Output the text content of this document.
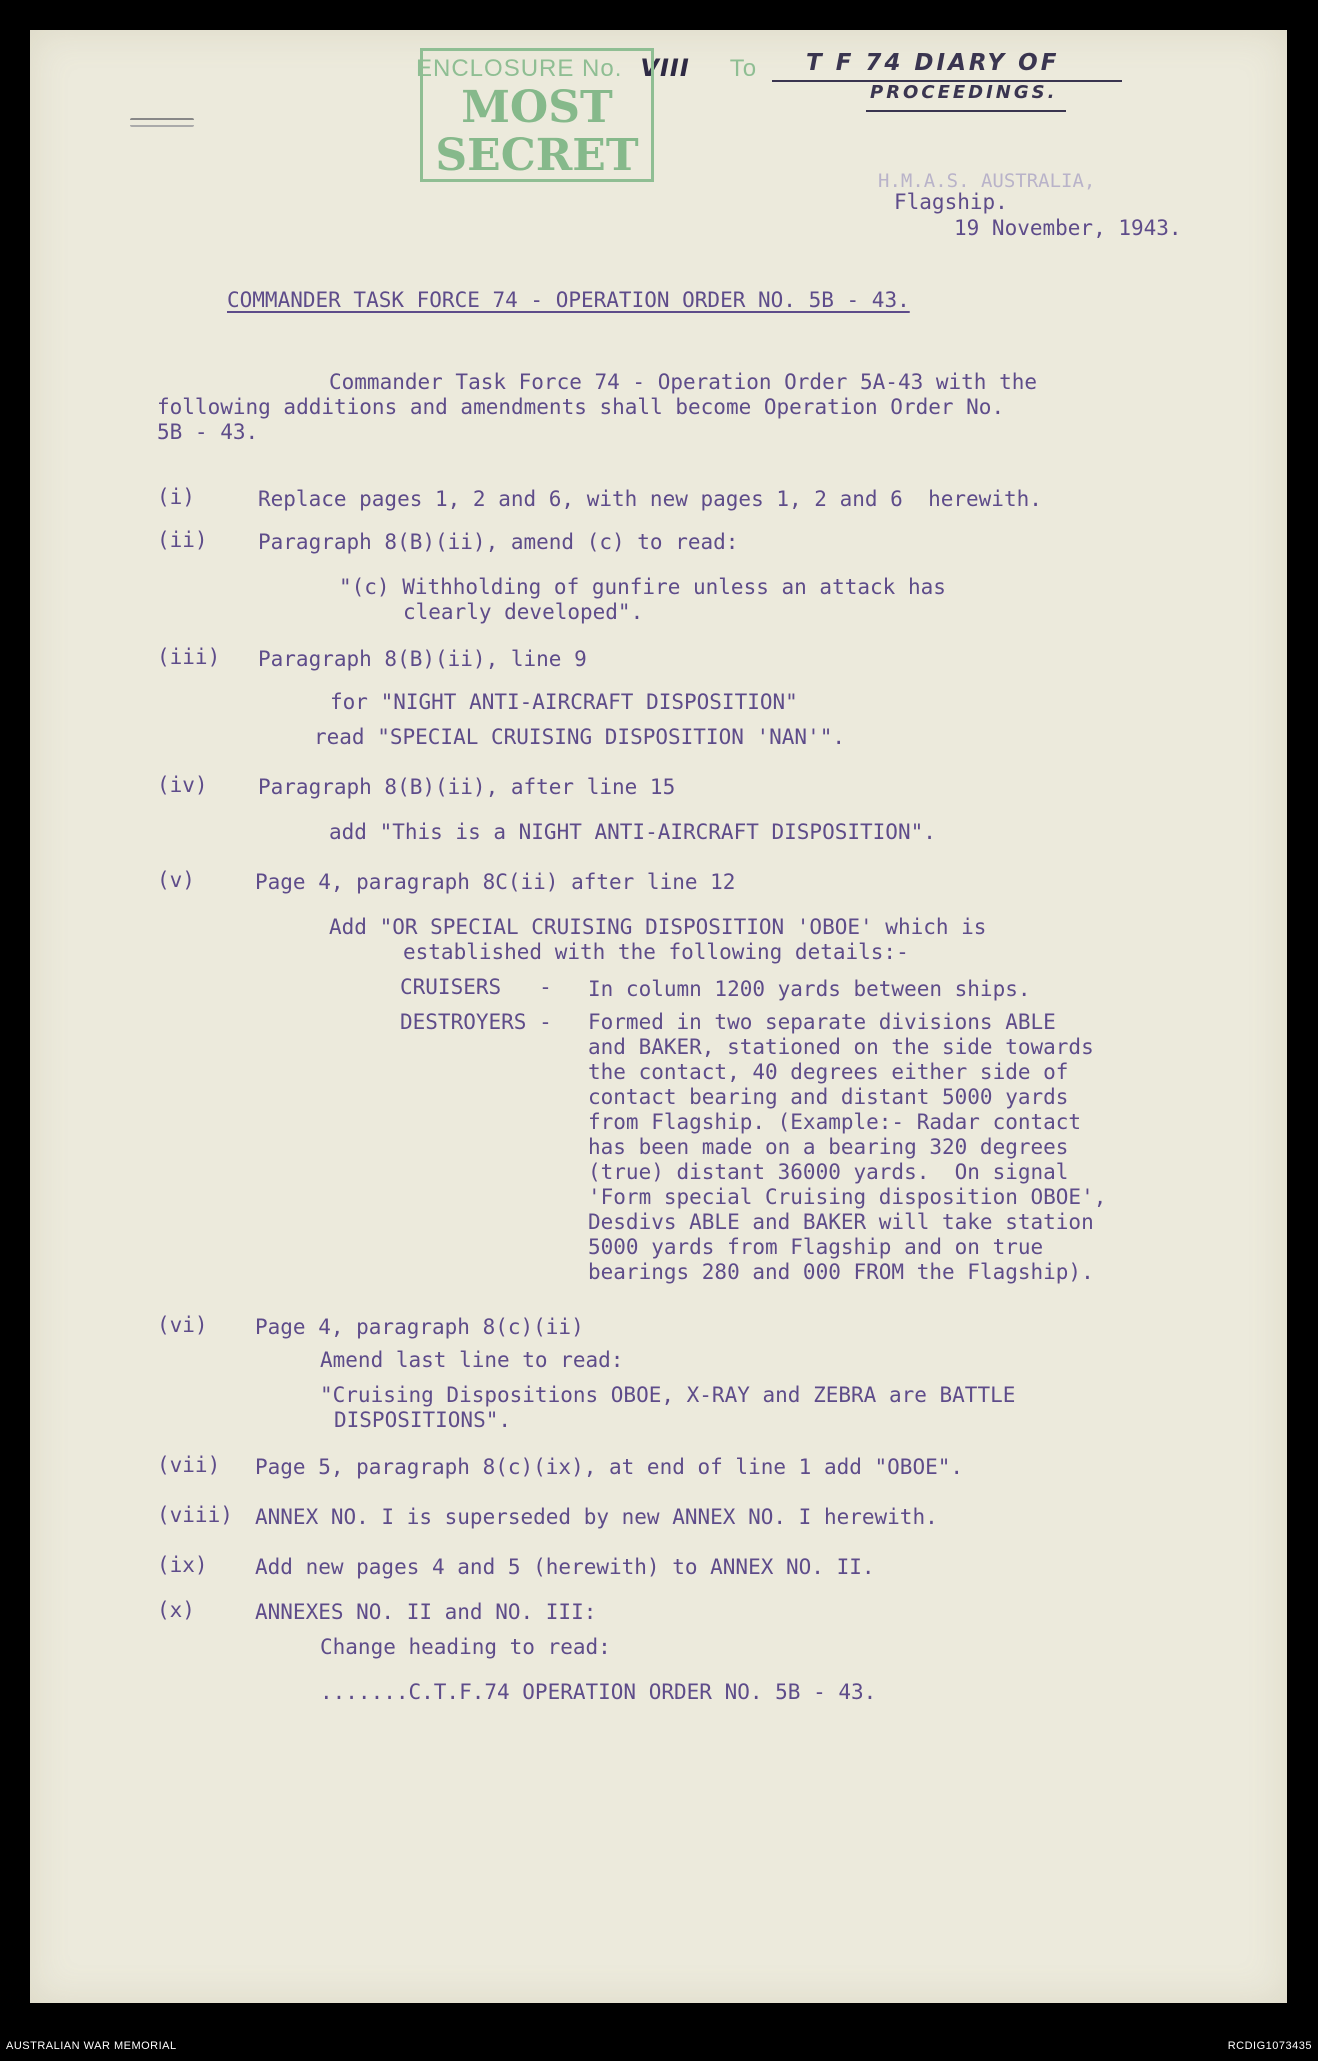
ENCLOSURE No. VIII To
MOST
SECRET
T F 74 DIARY OF
PROCEEDINGS.
H.M.A.S. AUSTRALIA,
Flagship.
19 November, 1943.
COMMANDER TASK FORCE 74 - OPERATION ORDER NO. 5B - 43.
Commander Task Force 74 - Operation Order 5A-43 with the
following additions and amendments shall become Operation Order No.
5B - 43.
(i)	Replace pages 1, 2 and 6, with new pages 1, 2 and 6  herewith.
(ii) Paragraph 8(B)(ii), amend (c) to read:
"(c) Withholding of gunfire unless an attack has
clearly developed".
(iii) Paragraph 8(B)(ii), line 9
for "NIGHT ANTI-AIRCRAFT DISPOSITION"
read "SPECIAL CRUISING DISPOSITION 'NAN'".
(iv) Paragraph 8(B)(ii), after line 15
add "This is a NIGHT ANTI-AIRCRAFT DISPOSITION".
(v)	Page 4, paragraph 8C(ii) after line 12
Add "OR SPECIAL CRUISING DISPOSITION 'OBOE' which is
established with the following details:-
CRUISERS   - In column 1200 yards between ships.
DESTROYERS - Formed in two separate divisions ABLE
and BAKER, stationed on the side towards
the contact, 40 degrees either side of
contact bearing and distant 5000 yards
from Flagship. (Example:- Radar contact
has been made on a bearing 320 degrees
(true) distant 36000 yards.  On signal
'Form special Cruising disposition OBOE',
Desdivs ABLE and BAKER will take station
5000 yards from Flagship and on true
bearings 280 and 000 FROM the Flagship).
(vi) Page 4, paragraph 8(c)(ii)
Amend last line to read:
"Cruising Dispositions OBOE, X-RAY and ZEBRA are BATTLE
DISPOSITIONS".
(vii) Page 5, paragraph 8(c)(ix), at end of line 1 add "OBOE".
(viii) ANNEX NO. I is superseded by new ANNEX NO. I herewith.
(ix) Add new pages 4 and 5 (herewith) to ANNEX NO. II.
(x)	ANNEXES NO. II and NO. III:
Change heading to read:
.......C.T.F.74 OPERATION ORDER NO. 5B - 43.
AUSTRALIAN WAR MEMORIAL	RCDIG1073435
